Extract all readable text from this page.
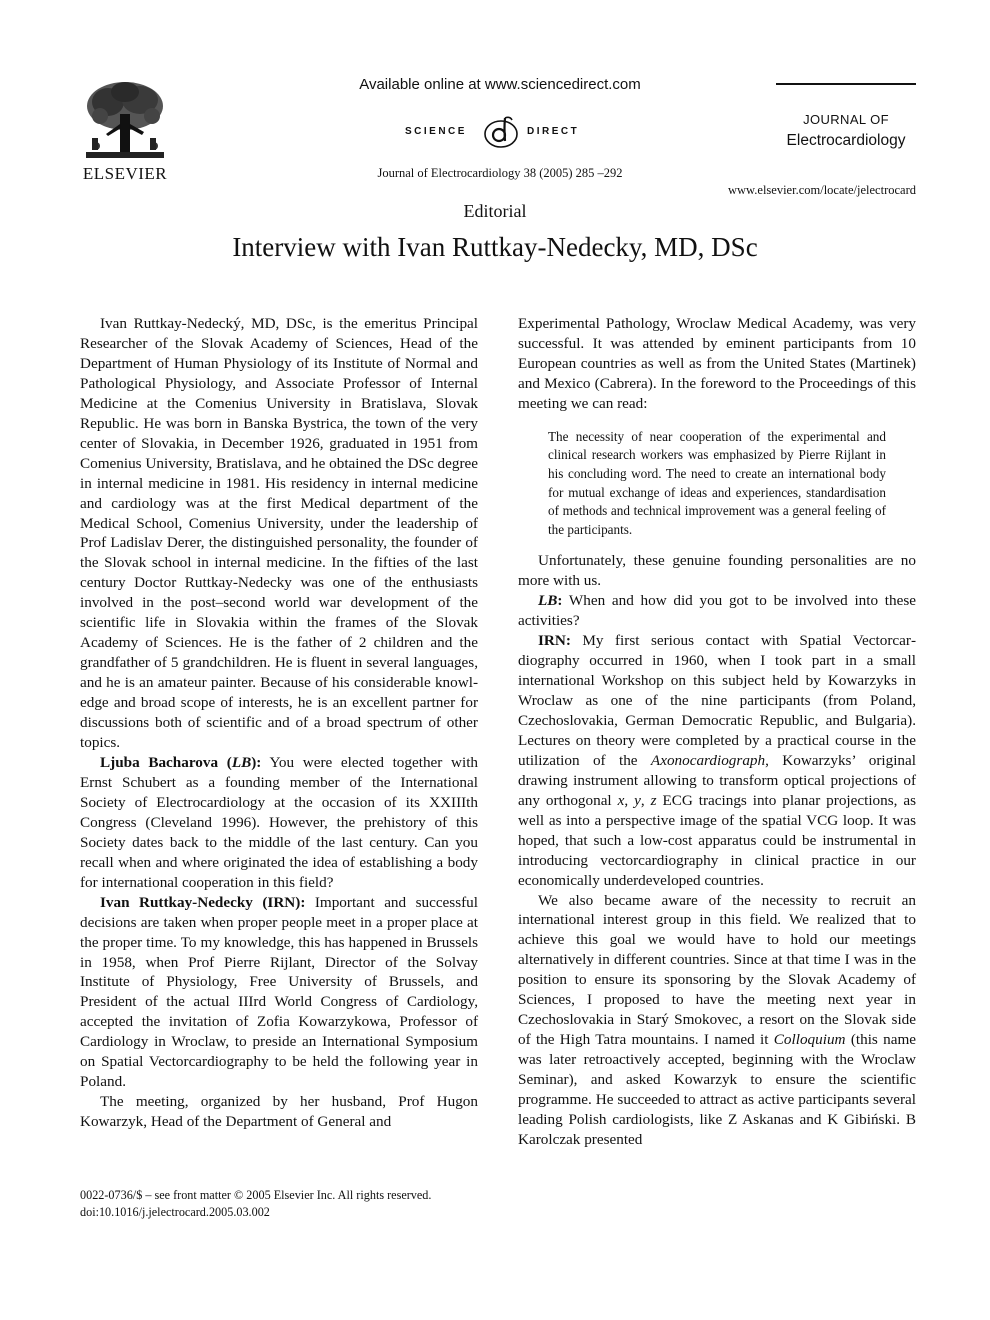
ELSEVIER
Available online at www.sciencedirect.com
SCIENCE	DIRECT
Journal of Electrocardiology 38 (2005) 285 –292
JOURNAL OF
Electrocardiology
www.elsevier.com/locate/jelectrocard
Editorial
Interview with Ivan Ruttkay-Nedecky, MD, DSc

Ivan Ruttkay-Nedecký, MD, DSc, is the emeritus Principal Researcher of the Slovak Academy of Sciences, Head of the Department of Human Physiology of its Institute of Normal and Pathological Physiology, and Associate Professor of Internal Medicine at the Comenius University in Bratislava, Slovak Republic. He was born in Banska Bystrica, the town of the very center of Slovakia, in December 1926, graduated in 1951 from Comenius University, Bratislava, and he obtained the DSc degree in internal medicine in 1981. His residency in internal medicine and cardiology was at the first Medical department of the Medical School, Comenius University, under the leadership of Prof Ladislav Derer, the distinguished personality, the founder of the Slovak school in internal medicine. In the fifties of the last century Doctor Ruttkay-Nedecky was one of the enthusiasts involved in the post–second world war development of the scientific life in Slovakia within the frames of the Slovak Academy of Sciences. He is the father of 2 children and the grandfather of 5 grandchildren. He is fluent in several languages, and he is an amateur painter. Because of his considerable knowledge and broad scope of interests, he is an excellent partner for discussions both of scientific and of a broad spectrum of other topics.

Ljuba Bacharova (LB): You were elected together with Ernst Schubert as a founding member of the International Society of Electrocardiology at the occasion of its XXIIIth Congress (Cleveland 1996). However, the prehistory of this Society dates back to the middle of the last century. Can you recall when and where originated the idea of establishing a body for international cooperation in this field?

Ivan Ruttkay-Nedecky (IRN): Important and successful decisions are taken when proper people meet in a proper place at the proper time. To my knowledge, this has happened in Brussels in 1958, when Prof Pierre Rijlant, Director of the Solvay Institute of Physiology, Free University of Brussels, and President of the actual IIIrd World Congress of Cardiology, accepted the invitation of Zofia Kowarzykowa, Professor of Cardiology in Wroclaw, to preside an International Symposium on Spatial Vectorcardiography to be held the following year in Poland.

The meeting, organized by her husband, Prof Hugon Kowarzyk, Head of the Department of General and

Experimental Pathology, Wroclaw Medical Academy, was very successful. It was attended by eminent participants from 10 European countries as well as from the United States (Martinek) and Mexico (Cabrera). In the foreword to the Proceedings of this meeting we can read:

The necessity of near cooperation of the experimental and clinical research workers was emphasized by Pierre Rijlant in his concluding word. The need to create an international body for mutual exchange of ideas and experiences, standardisation of methods and technical improvement was a general feeling of the participants.

Unfortunately, these genuine founding personalities are no more with us.

LB: When and how did you got to be involved into these activities?

IRN: My first serious contact with Spatial Vectorcardiography occurred in 1960, when I took part in a small international Workshop on this subject held by Kowarzyks in Wroclaw as one of the nine participants (from Poland, Czechoslovakia, German Democratic Republic, and Bulgaria). Lectures on theory were completed by a practical course in the utilization of the Axonocardiograph, Kowarzyks’ original drawing instrument allowing to transform optical projections of any orthogonal x, y, z ECG tracings into planar projections, as well as into a perspective image of the spatial VCG loop. It was hoped, that such a low-cost apparatus could be instrumental in introducing vectorcardiography in clinical practice in our economically underdeveloped countries.

We also became aware of the necessity to recruit an international interest group in this field. We realized that to achieve this goal we would have to hold our meetings alternatively in different countries. Since at that time I was in the position to ensure its sponsoring by the Slovak Academy of Sciences, I proposed to have the meeting next year in Czechoslovakia in Starý Smokovec, a resort on the Slovak side of the High Tatra mountains. I named it Colloquium (this name was later retroactively accepted, beginning with the Wroclaw Seminar), and asked Kowarzyk to ensure the scientific programme. He succeeded to attract as active participants several leading Polish cardiologists, like Z Askanas and K Gibiński. B Karolczak presented

0022-0736/$ – see front matter © 2005 Elsevier Inc. All rights reserved.
doi:10.1016/j.jelectrocard.2005.03.002
